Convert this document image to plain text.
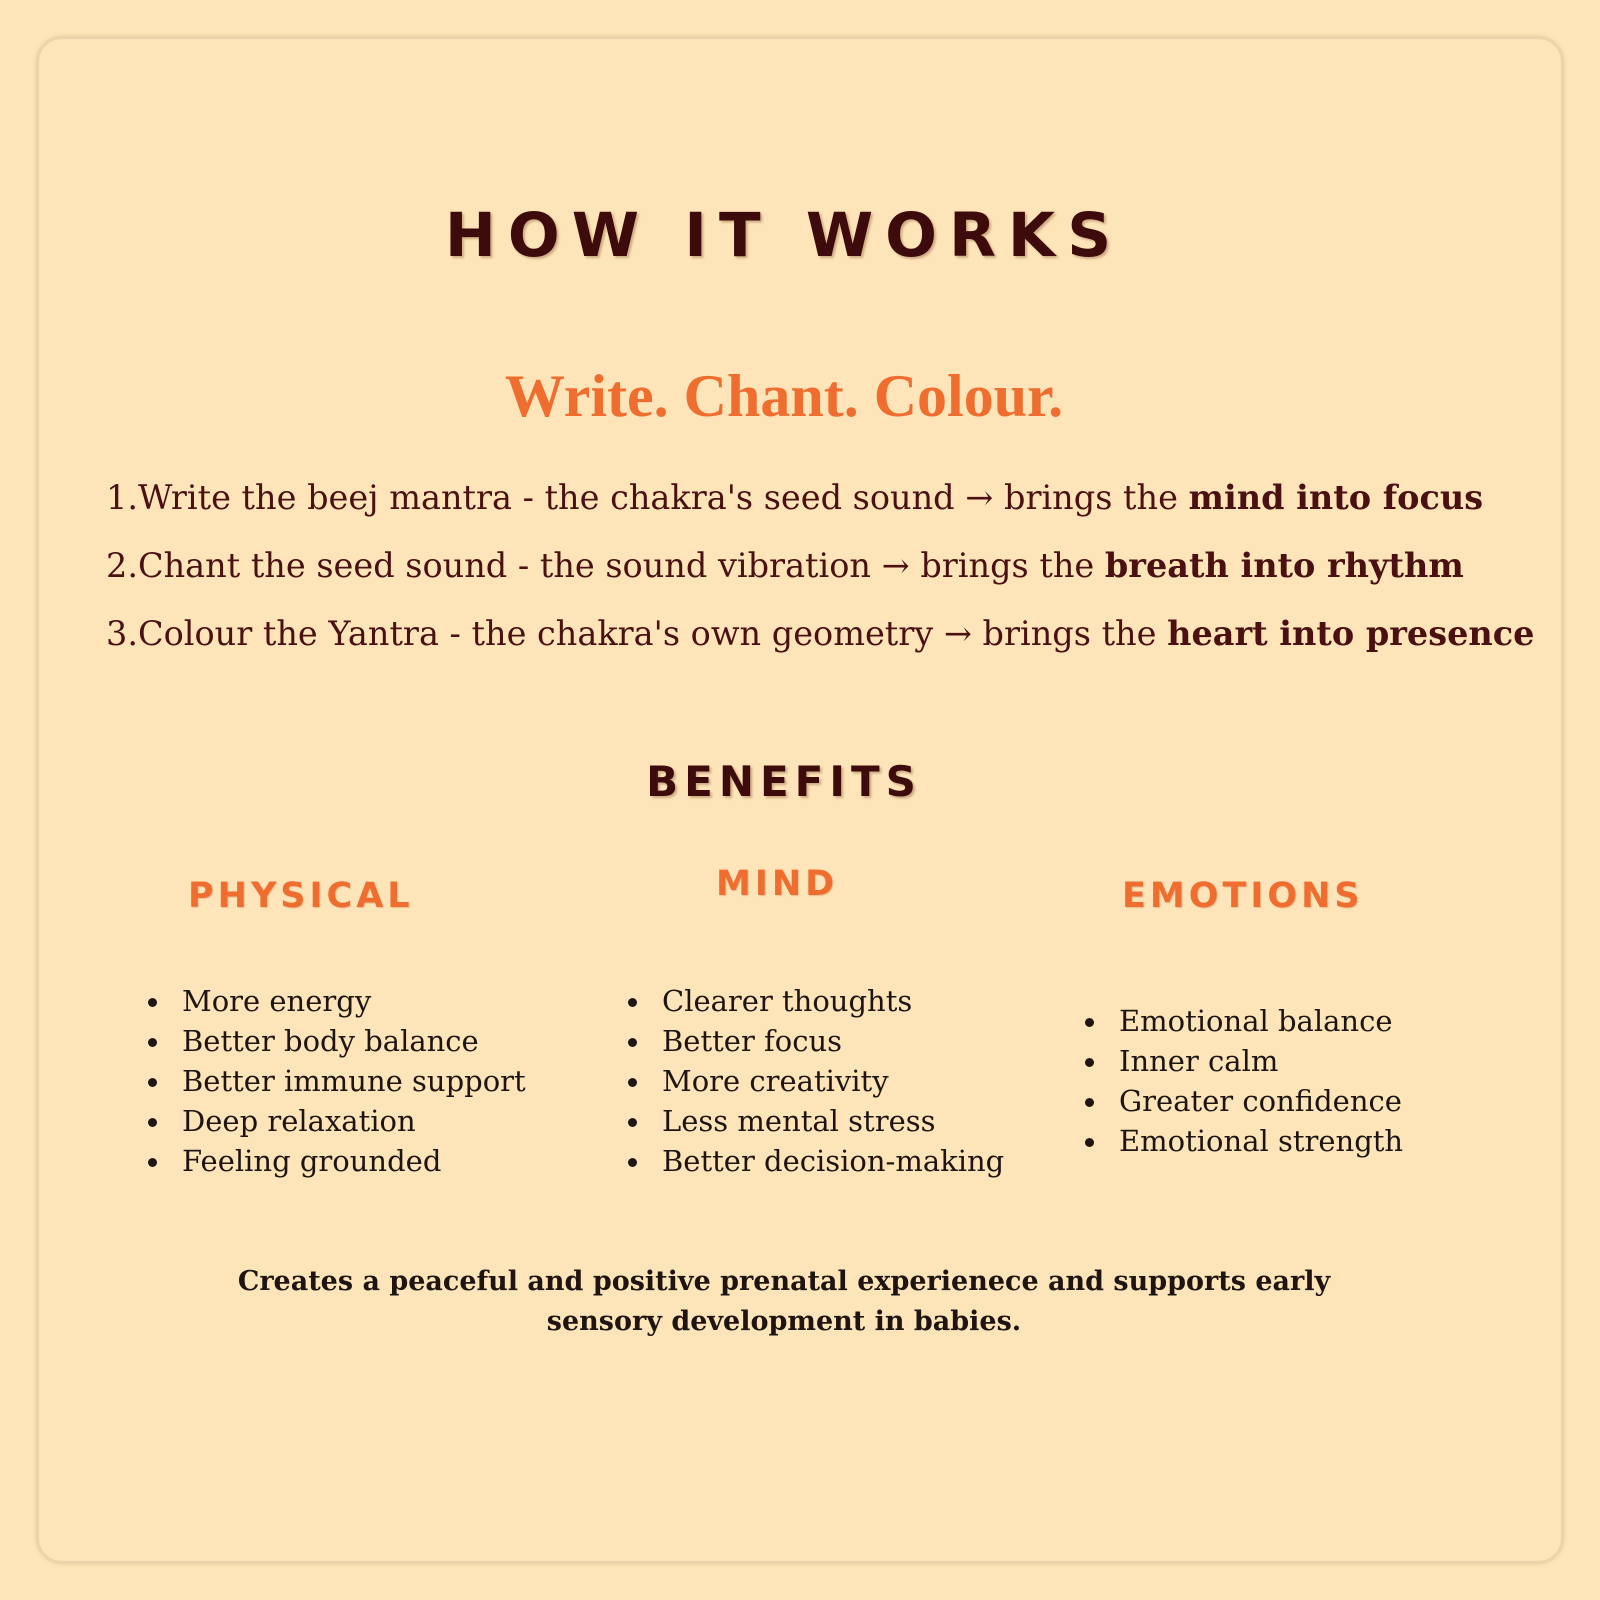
HOW IT WORKS
Write. Chant. Colour.
1.Write the beej mantra - the chakra's seed sound → brings the mind into focus
2.Chant the seed sound - the sound vibration → brings the breath into rhythm
3.Colour the Yantra - the chakra's own geometry → brings the heart into presence
BENEFITS
PHYSICAL	MIND	EMOTIONS
More energy
Better body balance
Better immune support
Deep relaxation
Feeling grounded
Clearer thoughts
Better focus
More creativity
Less mental stress
Better decision-making
Emotional balance
Inner calm
Greater confidence
Emotional strength
Creates a peaceful and positive prenatal experienece and supports early
sensory development in babies.
